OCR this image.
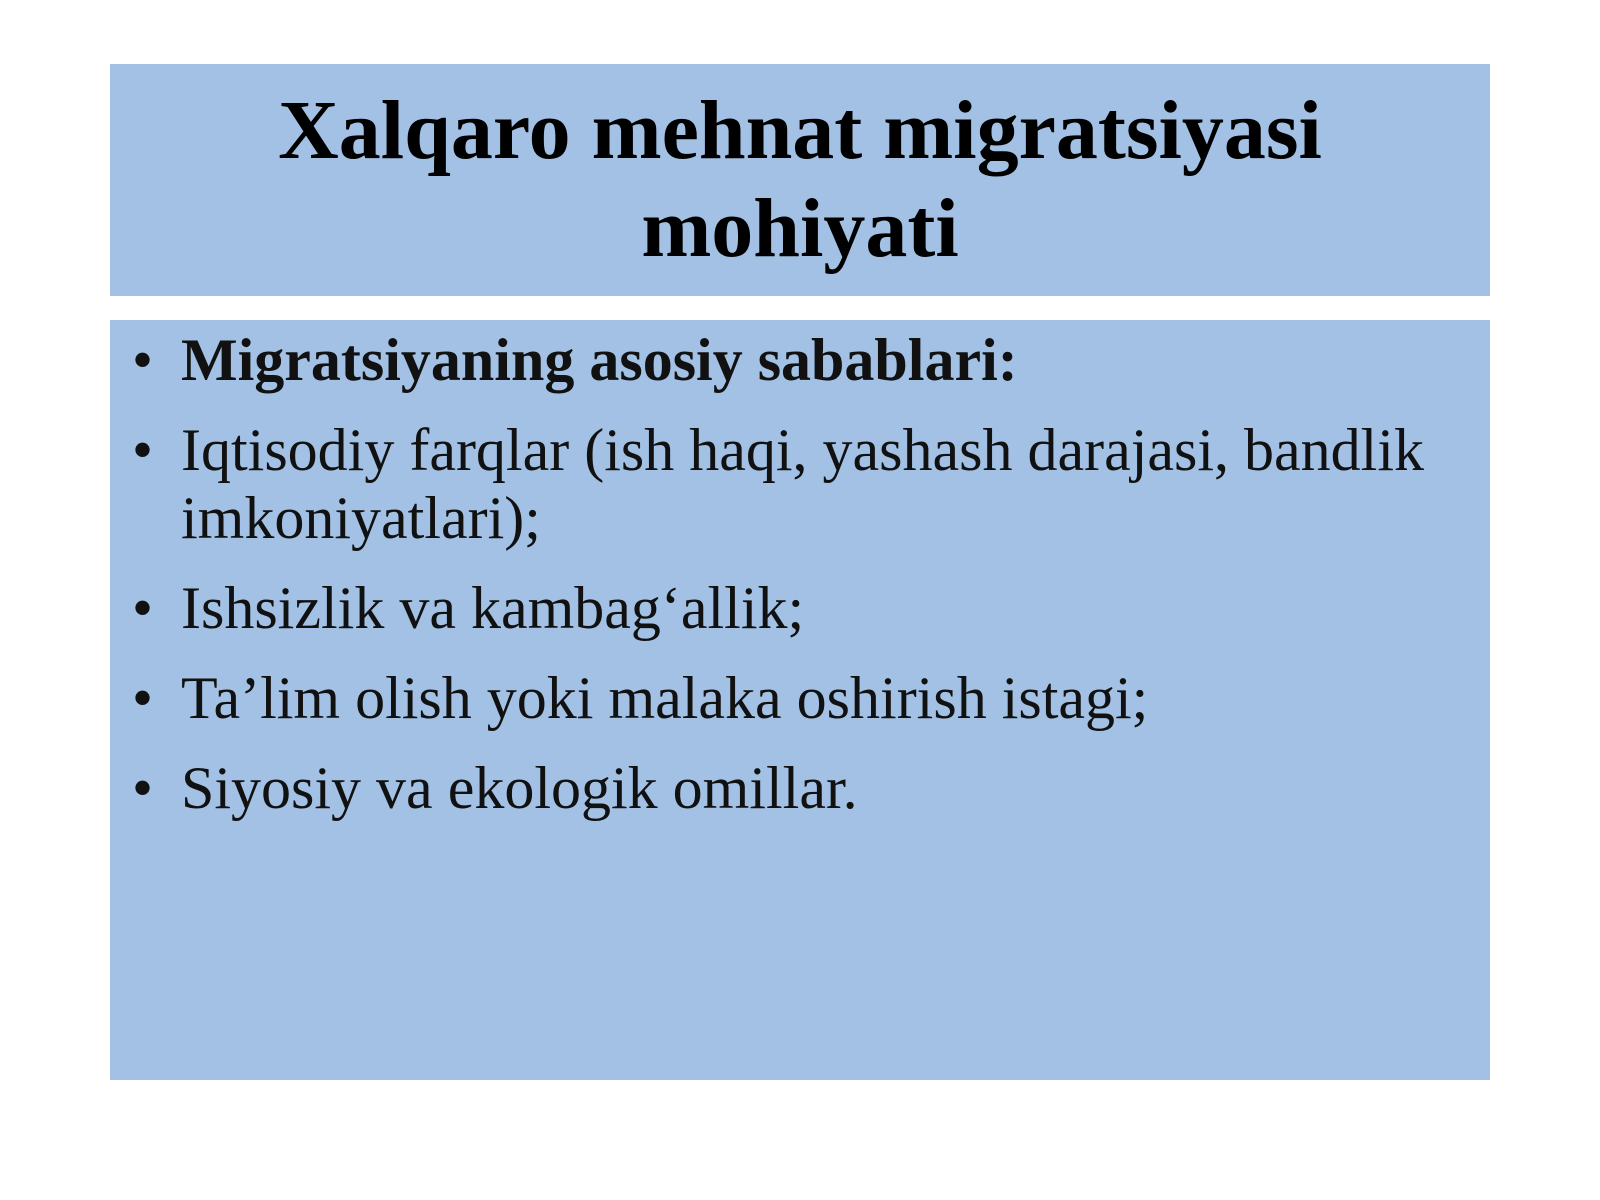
Xalqaro mehnat migratsiyasi mohiyati
• Migratsiyaning asosiy sabablari:
• Iqtisodiy farqlar (ish haqi, yashash darajasi, bandlik imkoniyatlari);
• Ishsizlik va kambag‘allik;
• Ta’lim olish yoki malaka oshirish istagi;
• Siyosiy va ekologik omillar.
